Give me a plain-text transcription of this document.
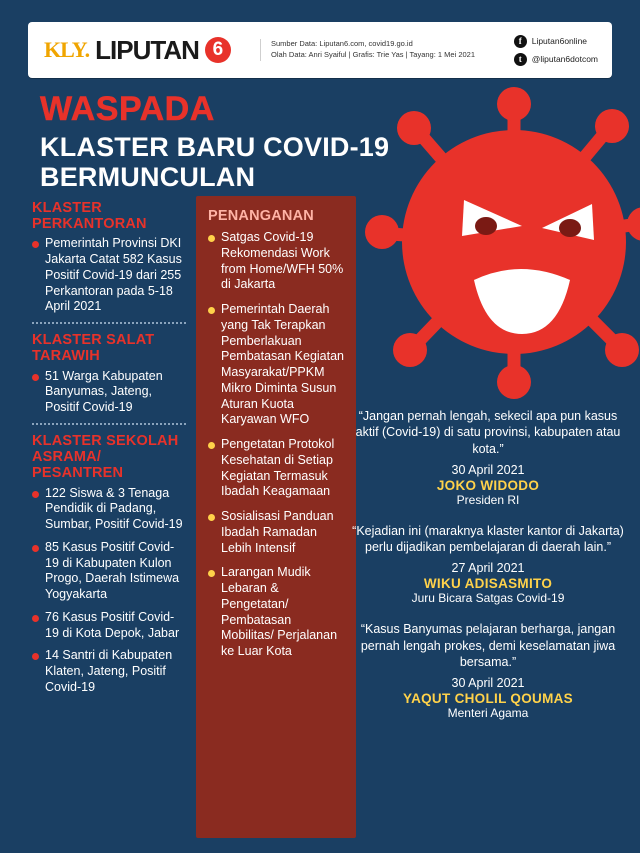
KLY. LIPUTAN 6	Sumber Data: Liputan6.com, covid19.go.id
Olah Data: Anri Syaiful | Grafis: Trie Yas | Tayang: 1 Mei 2021
f	Liputan6online
t	@liputan6dotcom
WASPADA
KLASTER BARU COVID-19
BERMUNCULAN
KLASTER
PERKANTORAN
Pemerintah Provinsi DKI Jakarta Catat 582 Kasus Positif Covid-19 dari 255 Perkantoran pada 5-18 April 2021
KLASTER SALAT
TARAWIH
51 Warga Kabupaten Banyumas, Jateng, Positif Covid-19
KLASTER SEKOLAH
ASRAMA/
PESANTREN
122 Siswa & 3 Tenaga Pendidik di Padang, Sumbar, Positif Covid-19
85 Kasus Positif Covid-19 di Kabupaten Kulon Progo, Daerah Istimewa Yogyakarta
76 Kasus Positif Covid-19 di Kota Depok, Jabar
14 Santri di Kabupaten Klaten, Jateng, Positif Covid-19
PENANGANAN
Satgas Covid-19 Rekomendasi Work from Home/WFH 50% di Jakarta
Pemerintah Daerah yang Tak Terapkan Pemberlakuan Pembatasan Kegiatan Masyarakat/PPKM Mikro Diminta Susun Aturan Kuota Karyawan WFO
Pengetatan Protokol Kesehatan di Setiap Kegiatan Termasuk Ibadah Keagamaan
Sosialisasi Panduan Ibadah Ramadan Lebih Intensif
Larangan Mudik Lebaran & Pengetatan/ Pembatasan Mobilitas/ Perjalanan ke Luar Kota
“Jangan pernah lengah, sekecil apa pun kasus aktif (Covid-19) di satu provinsi, kabupaten atau kota.”
30 April 2021
JOKO WIDODO
Presiden RI
“Kejadian ini (maraknya klaster kantor di Jakarta) perlu dijadikan pembelajaran di daerah lain.”
27 April 2021
WIKU ADISASMITO
Juru Bicara Satgas Covid-19
“Kasus Banyumas pelajaran berharga, jangan pernah lengah prokes, demi keselamatan jiwa bersama.”
30 April 2021
YAQUT CHOLIL QOUMAS
Menteri Agama
